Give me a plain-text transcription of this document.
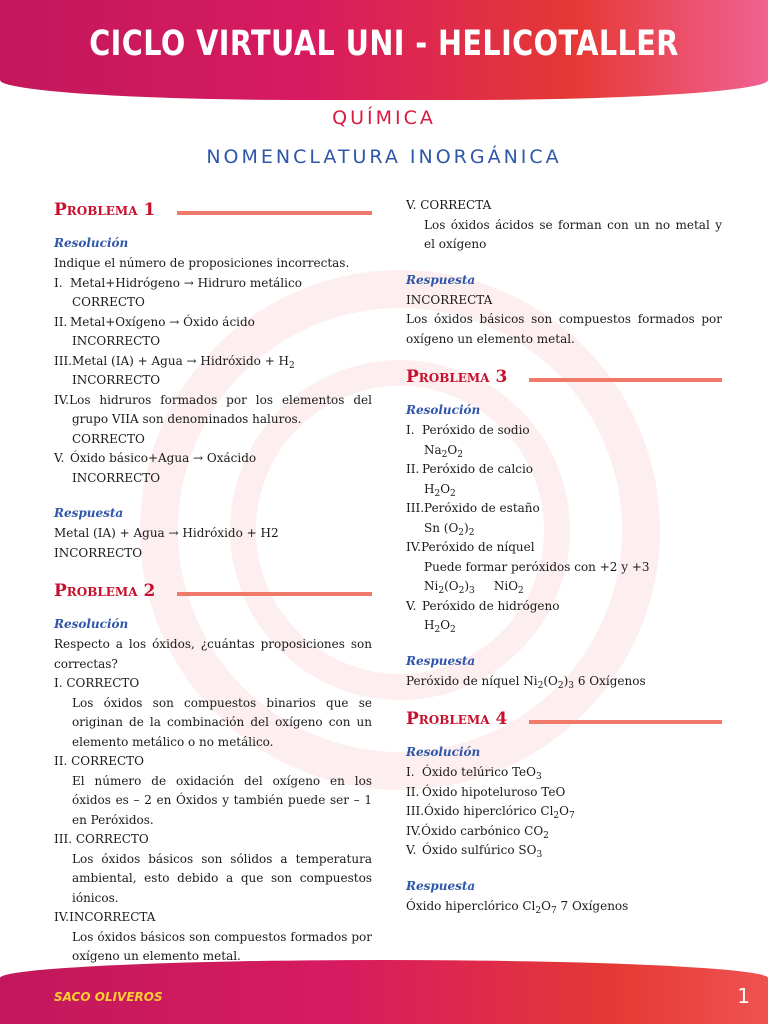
CICLO VIRTUAL UNI - HELICOTALLER
QUÍMICA
NOMENCLATURA INORGÁNICA
Problema 1

Resolución

Indique el número de proposiciones incorrectas.

I. Metal+Hidrógeno → Hidruro metálico

CORRECTO

II. Metal+Oxígeno → Óxido ácido

INCORRECTO

III.Metal (IA) + Agua → Hidróxido + $H_2$

INCORRECTO

IV.Los hidruros formados por los elementos del grupo VIIA son denominados haluros.

CORRECTO

V. Óxido básico+Agua → Oxácido

INCORRECTO

Respuesta

Metal (IA) + Agua → Hidróxido + H2

INCORRECTO

Problema 2

Resolución

Respecto a los óxidos, ¿cuántas proposiciones son correctas?

I. CORRECTO

Los óxidos son compuestos binarios que se originan de la combinación del oxígeno con un elemento metálico o no metálico.

II. CORRECTO

El número de oxidación del oxígeno en los óxidos es – 2 en Óxidos y también puede ser – 1 en Peróxidos.

III. CORRECTO

Los óxidos básicos son sólidos a temperatura ambiental, esto debido a que son compuestos iónicos.

IV.INCORRECTA

Los óxidos básicos son compuestos formados por oxígeno un elemento metal.

V. CORRECTA

Los óxidos ácidos se forman con un no metal y el oxígeno

Respuesta

INCORRECTA

Los óxidos básicos son compuestos formados por oxígeno un elemento metal.

Problema 3

Resolución

I. Peróxido de sodio

$Na_2O_2$

II. Peróxido de calcio

$H_2O_2$

III.Peróxido de estaño

Sn $(O_2)_2$

IV.Peróxido de níquel

Puede formar peróxidos con +2 y +3

$Ni_2(O_2)_3$ NiO$_2$

V. Peróxido de hidrógeno

$H_2O_2$

Respuesta

Peróxido de níquel $Ni_2(O_2)_3$ 6 Oxígenos

Problema 4

Resolución

I. Óxido telúrico TeO$_3$
II. Óxido hipoteluroso TeO

III.Óxido hiperclórico $Cl_2O_7$

IV.Óxido carbónico $CO_2$

V. Óxido sulfúrico $SO_3$

Respuesta

Óxido hiperclórico $Cl_2O_7$ 7 Oxígenos

SACO OLIVEROS	1
